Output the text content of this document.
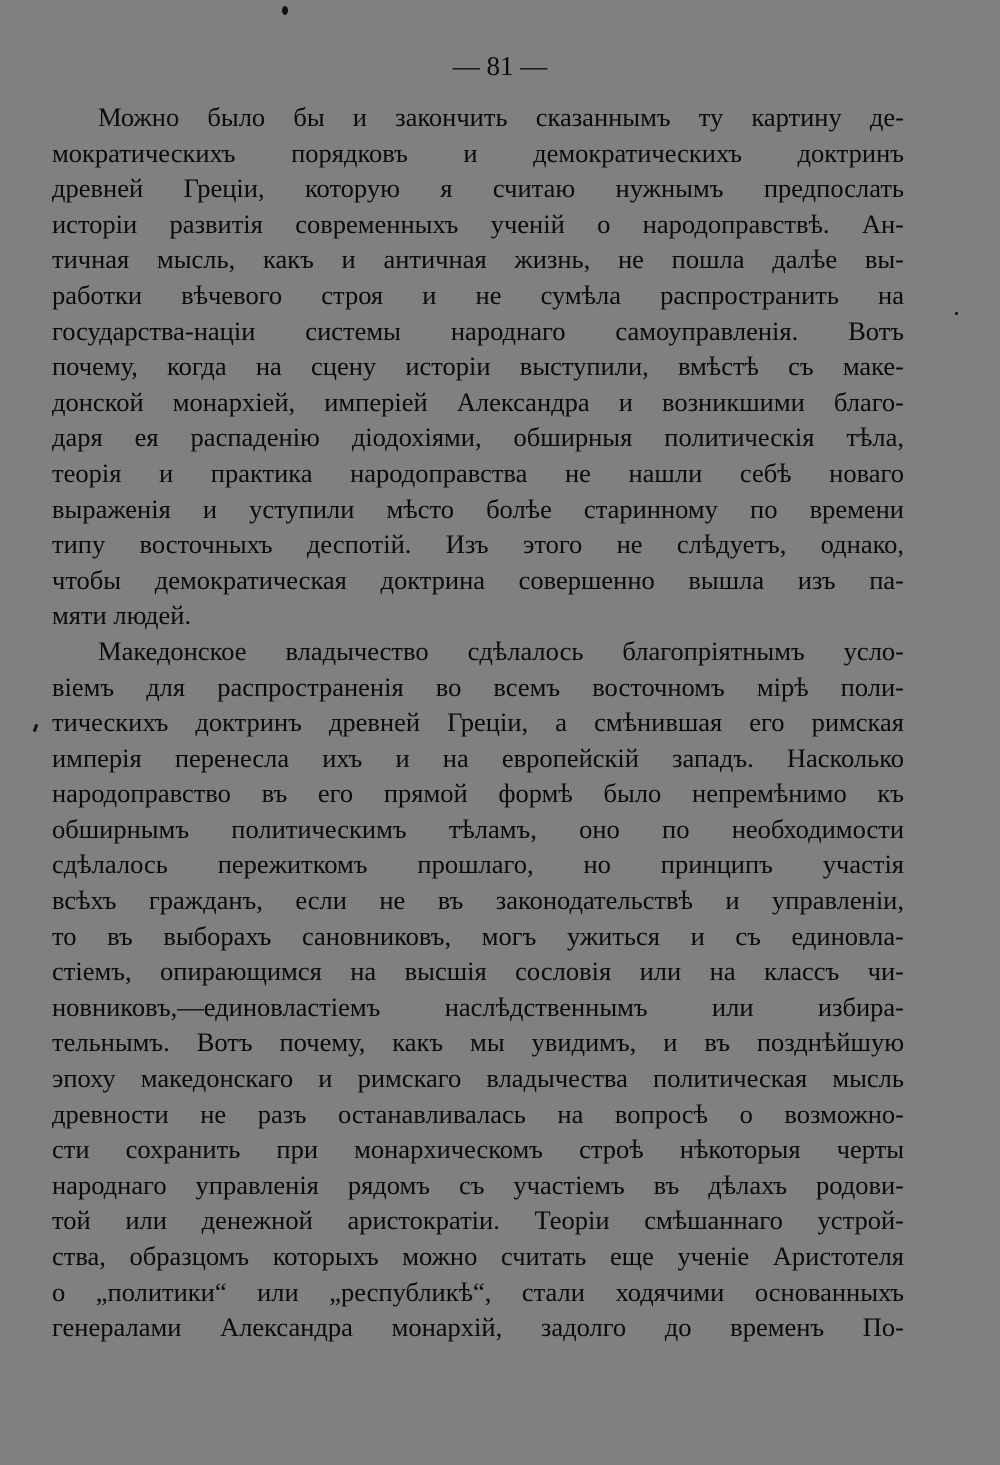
— 81 —
Можно было бы и закончить сказаннымъ ту картину де-
мократическихъ порядковъ и демократическихъ доктринъ
древней Греціи, которую я считаю нужнымъ предпослать
исторіи развитія современныхъ ученій о народоправствѣ. Ан-
тичная мысль, какъ и античная жизнь, не пошла далѣе вы-
работки вѣчевого строя и не сумѣла распространить на
государства-націи системы народнаго самоуправленія. Вотъ
почему, когда на сцену исторіи выступили, вмѣстѣ съ маке-
донской монархіей, имперіей Александра и возникшими благо-
даря ея распаденію діодохіями, обширныя политическія тѣла,
теорія и практика народоправства не нашли себѣ новаго
выраженія и уступили мѣсто болѣе старинному по времени
типу восточныхъ деспотій. Изъ этого не слѣдуетъ, однако,
чтобы демократическая доктрина совершенно вышла изъ па-
мяти людей.
Македонское владычество сдѣлалось благопріятнымъ усло-
віемъ для распространенія во всемъ восточномъ мірѣ поли-
тическихъ доктринъ древней Греціи, а смѣнившая его римская
имперія перенесла ихъ и на европейскій западъ. Насколько
народоправство въ его прямой формѣ было непремѣнимо къ
обширнымъ политическимъ тѣламъ, оно по необходимости
сдѣлалось пережиткомъ прошлаго, но принципъ участія
всѣхъ гражданъ, если не въ законодательствѣ и управленіи,
то въ выборахъ сановниковъ, могъ ужиться и съ единовла-
стіемъ, опирающимся на высшія сословія или на классъ чи-
новниковъ,—единовластіемъ наслѣдственнымъ или избира-
тельнымъ. Вотъ почему, какъ мы увидимъ, и въ позднѣйшую
эпоху македонскаго и римскаго владычества политическая мысль
древности не разъ останавливалась на вопросѣ о возможно-
сти сохранить при монархическомъ строѣ нѣкоторыя черты
народнаго управленія рядомъ съ участіемъ въ дѣлахъ родови-
той или денежной аристократіи. Теоріи смѣшаннаго устрой-
ства, образцомъ которыхъ можно считать еще ученіе Аристотеля
о „политики“ или „республикѣ“, стали ходячими основанныхъ
генералами Александра монархій, задолго до временъ По-
